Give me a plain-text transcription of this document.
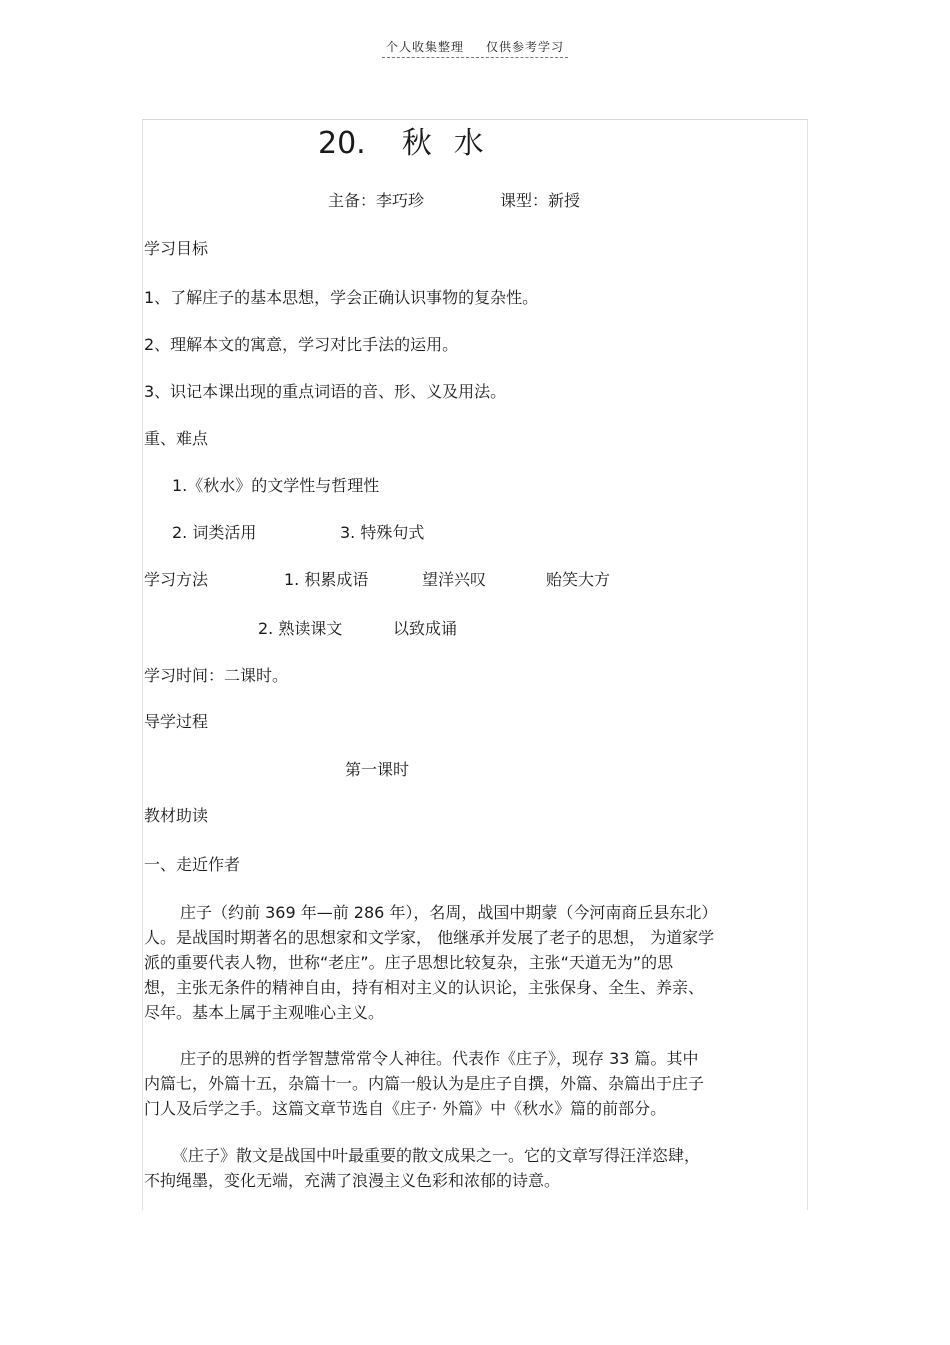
个人收集整理 仅供参考学习
20. 秋 水
主备：李巧珍	课型：新授
学习目标
1、了解庄子的基本思想，学会正确认识事物的复杂性。
2、理解本文的寓意，学习对比手法的运用。
3、识记本课出现的重点词语的音、形、义及用法。
重、难点
1.《秋水》的文学性与哲理性
2. 词类活用	3. 特殊句式
学习方法	1. 积累成语	望洋兴叹	贻笑大方
2. 熟读课文	以致成诵
学习时间：二课时。
导学过程
第一课时
教材助读
一、走近作者
庄子（约前 369 年—前 286 年），名周，战国中期蒙（今河南商丘县东北）
人。是战国时期著名的思想家和文学家， 他继承并发展了老子的思想， 为道家学
派的重要代表人物，世称“老庄”。庄子思想比较复杂，主张“天道无为”的思
想，主张无条件的精神自由，持有相对主义的认识论，主张保身、全生、养亲、
尽年。基本上属于主观唯心主义。
庄子的思辨的哲学智慧常常令人神往。代表作《庄子》，现存 33 篇。其中
内篇七，外篇十五，杂篇十一。内篇一般认为是庄子自撰，外篇、杂篇出于庄子
门人及后学之手。这篇文章节选自《庄子· 外篇》中《秋水》篇的前部分。
《庄子》散文是战国中叶最重要的散文成果之一。它的文章写得汪洋恣肆，
不拘绳墨，变化无端，充满了浪漫主义色彩和浓郁的诗意。
